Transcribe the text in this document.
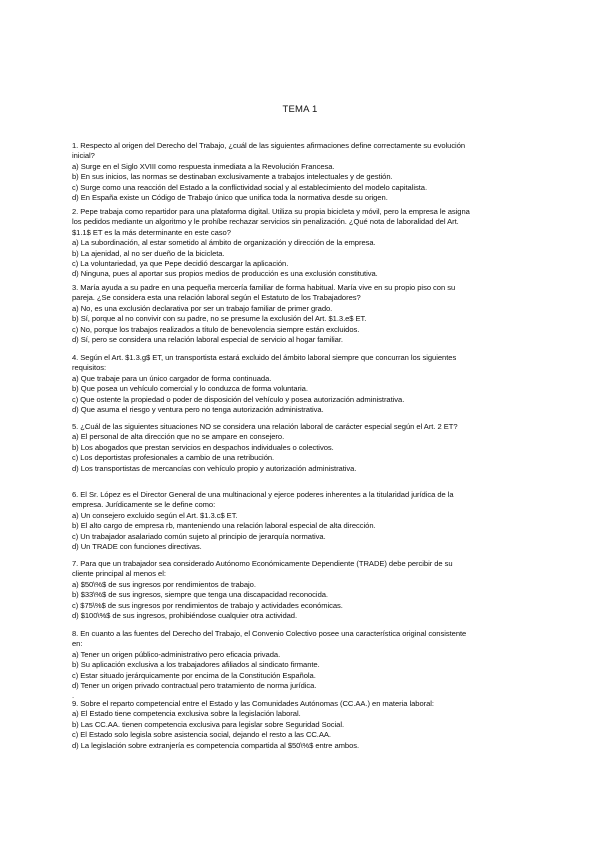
TEMA 1
1. Respecto al origen del Derecho del Trabajo, ¿cuál de las siguientes afirmaciones define correctamente su evolución
inicial?
a) Surge en el Siglo XVIII como respuesta inmediata a la Revolución Francesa.
b) En sus inicios, las normas se destinaban exclusivamente a trabajos intelectuales y de gestión.
c) Surge como una reacción del Estado a la conflictividad social y al establecimiento del modelo capitalista.
d) En España existe un Código de Trabajo único que unifica toda la normativa desde su origen.
2. Pepe trabaja como repartidor para una plataforma digital. Utiliza su propia bicicleta y móvil, pero la empresa le asigna
los pedidos mediante un algoritmo y le prohíbe rechazar servicios sin penalización. ¿Qué nota de laboralidad del Art.
$1.1$ ET es la más determinante en este caso?
a) La subordinación, al estar sometido al ámbito de organización y dirección de la empresa.
b) La ajenidad, al no ser dueño de la bicicleta.
c) La voluntariedad, ya que Pepe decidió descargar la aplicación.
d) Ninguna, pues al aportar sus propios medios de producción es una exclusión constitutiva.
3. María ayuda a su padre en una pequeña mercería familiar de forma habitual. María vive en su propio piso con su
pareja. ¿Se considera esta una relación laboral según el Estatuto de los Trabajadores?
a) No, es una exclusión declarativa por ser un trabajo familiar de primer grado.
b) Sí, porque al no convivir con su padre, no se presume la exclusión del Art. $1.3.e$ ET.
c) No, porque los trabajos realizados a título de benevolencia siempre están excluidos.
d) Sí, pero se considera una relación laboral especial de servicio al hogar familiar.
4. Según el Art. $1.3.g$ ET, un transportista estará excluido del ámbito laboral siempre que concurran los siguientes
requisitos:
a) Que trabaje para un único cargador de forma continuada.
b) Que posea un vehículo comercial y lo conduzca de forma voluntaria.
c) Que ostente la propiedad o poder de disposición del vehículo y posea autorización administrativa.
d) Que asuma el riesgo y ventura pero no tenga autorización administrativa.
5. ¿Cuál de las siguientes situaciones NO se considera una relación laboral de carácter especial según el Art. 2 ET?
a) El personal de alta dirección que no se ampare en consejero.
b) Los abogados que prestan servicios en despachos individuales o colectivos.
c) Los deportistas profesionales a cambio de una retribución.
d) Los transportistas de mercancías con vehículo propio y autorización administrativa.
6. El Sr. López es el Director General de una multinacional y ejerce poderes inherentes a la titularidad jurídica de la
empresa. Jurídicamente se le define como:
a) Un consejero excluido según el Art. $1.3.c$ ET.
b) El alto cargo de empresa rb, manteniendo una relación laboral especial de alta dirección.
c) Un trabajador asalariado común sujeto al principio de jerarquía normativa.
d) Un TRADE con funciones directivas.
7. Para que un trabajador sea considerado Autónomo Económicamente Dependiente (TRADE) debe percibir de su
cliente principal al menos el:
a) $50\%$ de sus ingresos por rendimientos de trabajo.
b) $33\%$ de sus ingresos, siempre que tenga una discapacidad reconocida.
c) $75\%$ de sus ingresos por rendimientos de trabajo y actividades económicas.
d) $100\%$ de sus ingresos, prohibiéndose cualquier otra actividad.
8. En cuanto a las fuentes del Derecho del Trabajo, el Convenio Colectivo posee una característica original consistente
en:
a) Tener un origen público-administrativo pero eficacia privada.
b) Su aplicación exclusiva a los trabajadores afiliados al sindicato firmante.
c) Estar situado jerárquicamente por encima de la Constitución Española.
d) Tener un origen privado contractual pero tratamiento de norma jurídica.
.
9. Sobre el reparto competencial entre el Estado y las Comunidades Autónomas (CC.AA.) en materia laboral:
a) El Estado tiene competencia exclusiva sobre la legislación laboral.
b) Las CC.AA. tienen competencia exclusiva para legislar sobre Seguridad Social.
c) El Estado solo legisla sobre asistencia social, dejando el resto a las CC.AA.
d) La legislación sobre extranjería es competencia compartida al $50\%$ entre ambos.
